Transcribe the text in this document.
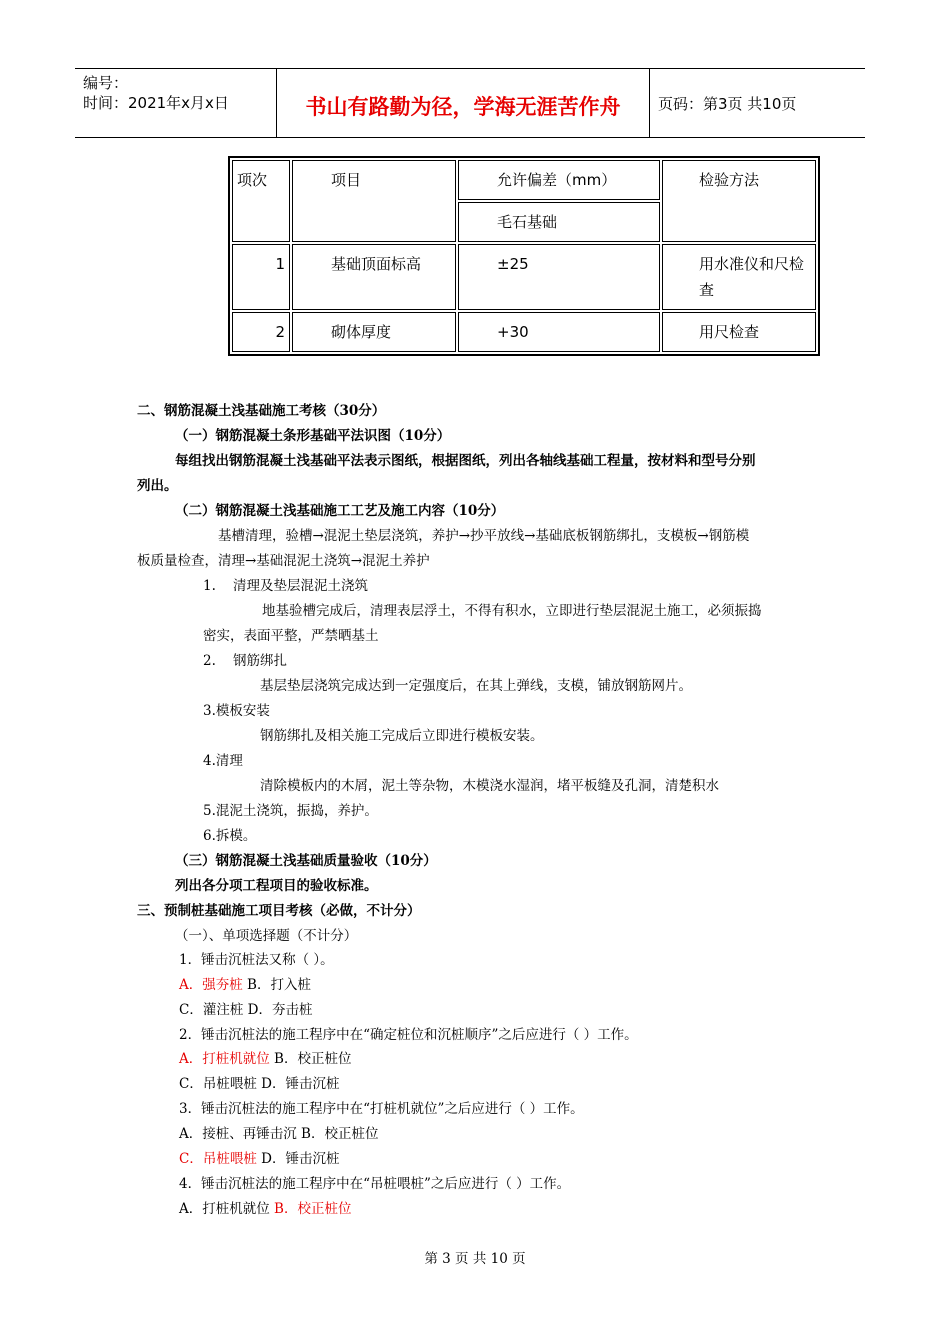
编号：
时间：2021年x月x日	书山有路勤为径，学海无涯苦作舟	页码：第3页 共10页
项次	项目	允许偏差（mm）	检验方法
		毛石基础	
1	基础顶面标高	±25	用水准仪和尺检查
2	砌体厚度	+30	用尺检查
二、钢筋混凝土浅基础施工考核（30分）
（一）钢筋混凝土条形基础平法识图（10分）
每组找出钢筋混凝土浅基础平法表示图纸，根据图纸，列出各轴线基础工程量，按材料和型号分别
列出。
（二）钢筋混凝土浅基础施工工艺及施工内容（10分）
基槽清理，验槽→混泥土垫层浇筑，养护→抄平放线→基础底板钢筋绑扎，支模板→钢筋模
板质量检查，清理→基础混泥土浇筑→混泥土养护
1.    清理及垫层混泥土浇筑
地基验槽完成后，清理表层浮土，不得有积水，立即进行垫层混泥土施工，必须振捣
密实，表面平整，严禁晒基土
2.    钢筋绑扎
基层垫层浇筑完成达到一定强度后，在其上弹线，支模，铺放钢筋网片。
3.模板安装
钢筋绑扎及相关施工完成后立即进行模板安装。
4.清理
清除模板内的木屑，泥土等杂物，木模浇水湿润，堵平板缝及孔洞，清楚积水
5.混泥土浇筑，振捣，养护。
6.拆模。
（三）钢筋混凝土浅基础质量验收（10分）
列出各分项工程项目的验收标准。
三、预制桩基础施工项目考核（必做，不计分）
（一）、单项选择题（不计分）
1．锤击沉桩法又称（ ）。
A．强夯桩 B．打入桩
C．灌注桩 D．夯击桩
2．锤击沉桩法的施工程序中在“确定桩位和沉桩顺序”之后应进行（ ）工作。
A．打桩机就位 B．校正桩位
C．吊桩喂桩 D．锤击沉桩
3．锤击沉桩法的施工程序中在“打桩机就位”之后应进行（ ）工作。
A．接桩、再锤击沉 B．校正桩位
C．吊桩喂桩 D．锤击沉桩
4．锤击沉桩法的施工程序中在“吊桩喂桩”之后应进行（ ）工作。
A．打桩机就位 B．校正桩位
第 3 页 共 10 页
